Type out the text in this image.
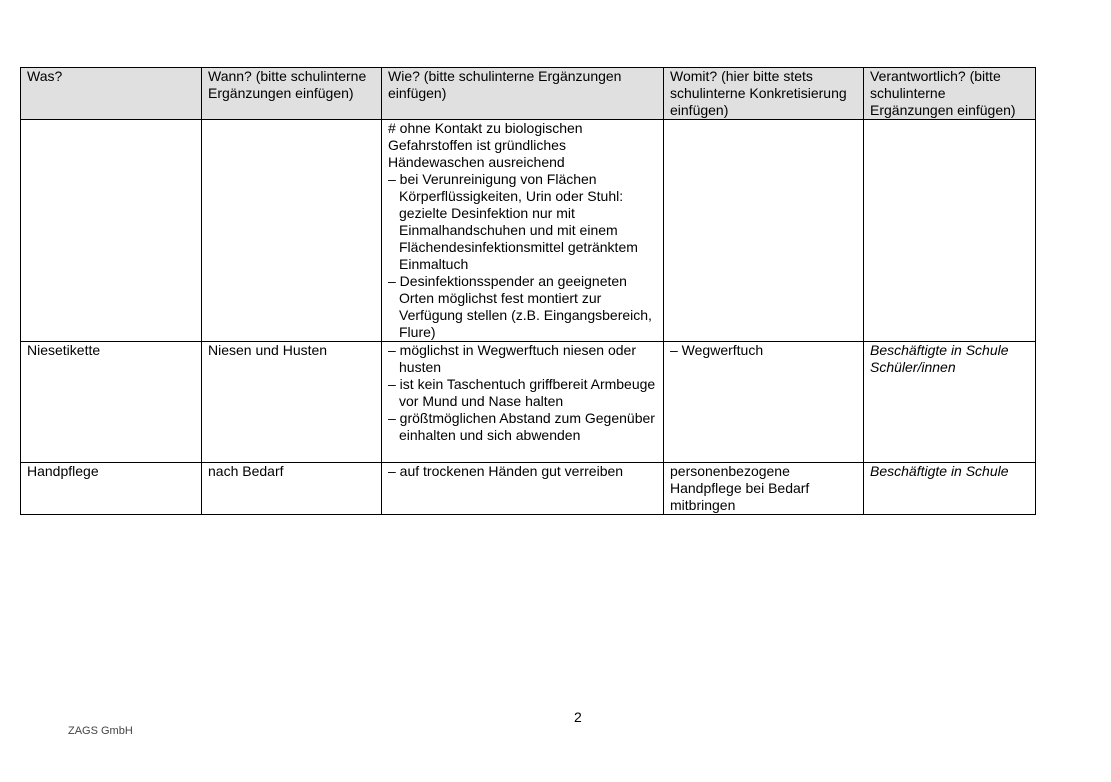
Was?	Wann? (bitte schulinterne Ergänzungen einfügen)	Wie? (bitte schulinterne Ergänzungen einfügen)	Womit? (hier bitte stets schulinterne Konkretisierung einfügen)	Verantwortlich? (bitte schulinterne Ergänzungen einfügen)

		# ohne Kontakt zu biologischen Gefahrstoffen ist gründliches Händewaschen ausreichend
– bei Verunreinigung von Flächen Körperflüssigkeiten, Urin oder Stuhl: gezielte Desinfektion nur mit Einmalhandschuhen und mit einem Flächendesinfektionsmittel getränktem Einmaltuch
– Desinfektionsspender an geeigneten Orten möglichst fest montiert zur Verfügung stellen (z.B. Eingangsbereich, Flure)		

Niesetikette	Niesen und Husten	– möglichst in Wegwerftuch niesen oder husten
– ist kein Taschentuch griffbereit Armbeuge vor Mund und Nase halten
– größtmöglichen Abstand zum Gegenüber einhalten und sich abwenden	– Wegwerftuch	Beschäftigte in Schule
Schüler/innen

Handpflege	nach Bedarf	– auf trockenen Händen gut verreiben	personenbezogene Handpflege bei Bedarf mitbringen	Beschäftigte in Schule
2
ZAGS GmbH
